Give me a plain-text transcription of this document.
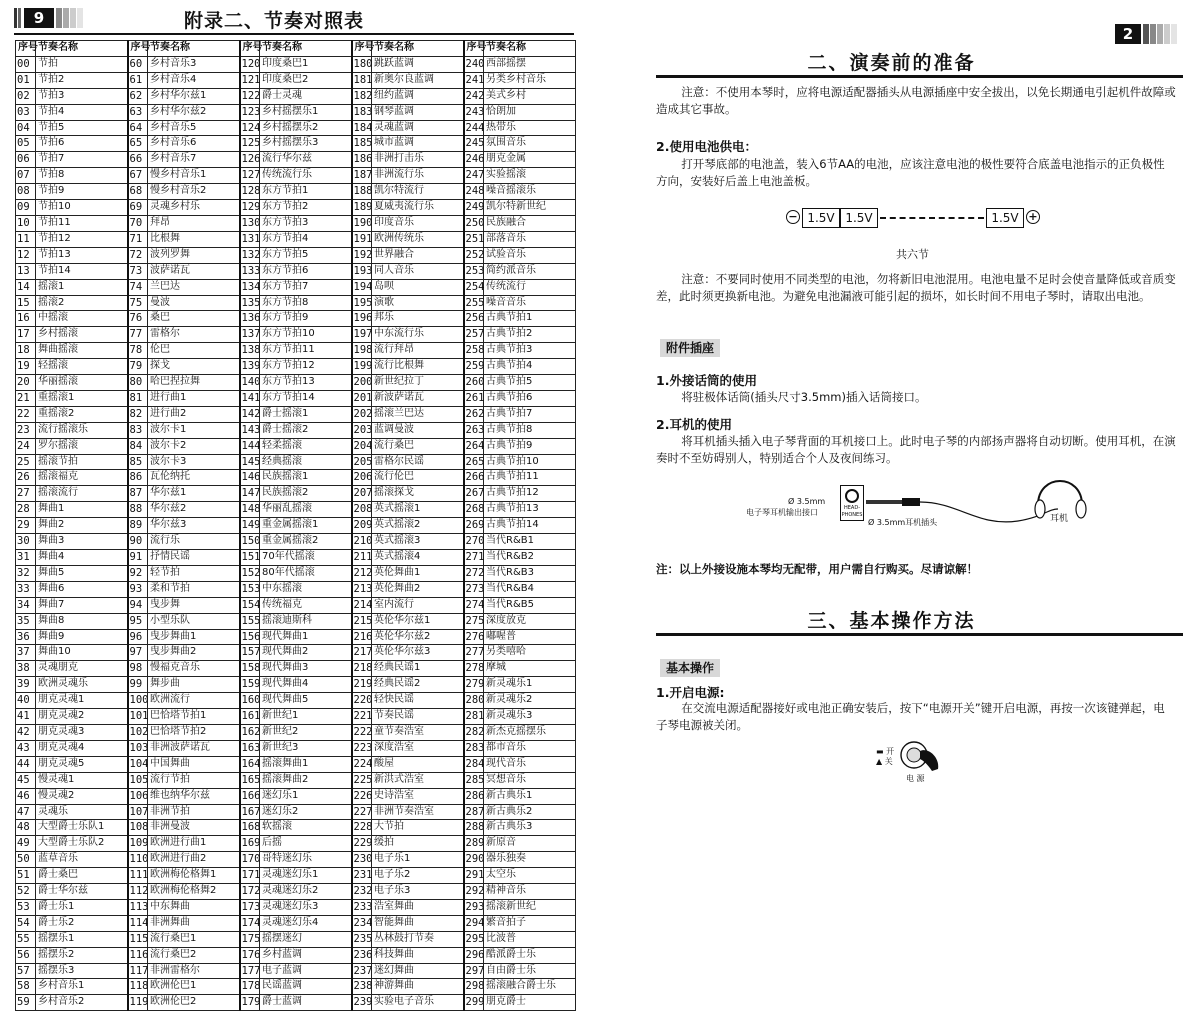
9	附录二、节奏对照表
序号	节奏名称	序号	节奏名称	序号	节奏名称	序号	节奏名称	序号	节奏名称
00	节拍	60	乡村音乐3	120	印度桑巴1	180	跳跃蓝调	240	西部摇摆
01	节拍2	61	乡村音乐4	121	印度桑巴2	181	新奥尔良蓝调	241	另类乡村音乐
02	节拍3	62	乡村华尔兹1	122	爵士灵魂	182	纽约蓝调	242	美式乡村
03	节拍4	63	乡村华尔兹2	123	乡村摇摆乐1	183	钢琴蓝调	243	恰朗加
04	节拍5	64	乡村音乐5	124	乡村摇摆乐2	184	灵魂蓝调	244	热带乐
05	节拍6	65	乡村音乐6	125	乡村摇摆乐3	185	城市蓝调	245	氛围音乐
06	节拍7	66	乡村音乐7	126	流行华尔兹	186	非洲打击乐	246	朋克金属
07	节拍8	67	慢乡村音乐1	127	传统流行乐	187	非洲流行乐	247	实验摇滚
08	节拍9	68	慢乡村音乐2	128	东方节拍1	188	凯尔特流行	248	噪音摇滚乐
09	节拍10	69	灵魂乡村乐	129	东方节拍2	189	夏威夷流行乐	249	凯尔特新世纪
10	节拍11	70	拜昂	130	东方节拍3	190	印度音乐	250	民族融合
11	节拍12	71	比根舞	131	东方节拍4	191	欧洲传统乐	251	部落音乐
12	节拍13	72	波列罗舞	132	东方节拍5	192	世界融合	252	试验音乐
13	节拍14	73	波萨诺瓦	133	东方节拍6	193	同人音乐	253	简约派音乐
14	摇滚1	74	兰巴达	134	东方节拍7	194	岛呗	254	传统流行
15	摇滚2	75	曼波	135	东方节拍8	195	演歌	255	噪音音乐
16	中摇滚	76	桑巴	136	东方节拍9	196	邦乐	256	古典节拍1
17	乡村摇滚	77	雷格尔	137	东方节拍10	197	中东流行乐	257	古典节拍2
18	舞曲摇滚	78	伦巴	138	东方节拍11	198	流行拜昂	258	古典节拍3
19	轻摇滚	79	探戈	139	东方节拍12	199	流行比根舞	259	古典节拍4
20	华丽摇滚	80	哈巴捏拉舞	140	东方节拍13	200	新世纪拉丁	260	古典节拍5
21	重摇滚1	81	进行曲1	141	东方节拍14	201	新波萨诺瓦	261	古典节拍6
22	重摇滚2	82	进行曲2	142	爵士摇滚1	202	摇滚兰巴达	262	古典节拍7
23	流行摇滚乐	83	波尔卡1	143	爵士摇滚2	203	蓝调曼波	263	古典节拍8
24	罗尔摇滚	84	波尔卡2	144	轻柔摇滚	204	流行桑巴	264	古典节拍9
25	摇滚节拍	85	波尔卡3	145	经典摇滚	205	雷格尔民谣	265	古典节拍10
26	摇滚福克	86	瓦伦纳托	146	民族摇滚1	206	流行伦巴	266	古典节拍11
27	摇滚流行	87	华尔兹1	147	民族摇滚2	207	摇滚探戈	267	古典节拍12
28	舞曲1	88	华尔兹2	148	华丽乱摇滚	208	英式摇滚1	268	古典节拍13
29	舞曲2	89	华尔兹3	149	重金属摇滚1	209	英式摇滚2	269	古典节拍14
30	舞曲3	90	流行乐	150	重金属摇滚2	210	英式摇滚3	270	当代R&B1
31	舞曲4	91	抒情民谣	151	70年代摇滚	211	英式摇滚4	271	当代R&B2
32	舞曲5	92	轻节拍	152	80年代摇滚	212	英伦舞曲1	272	当代R&B3
33	舞曲6	93	柔和节拍	153	中东摇滚	213	英伦舞曲2	273	当代R&B4
34	舞曲7	94	曳步舞	154	传统福克	214	室内流行	274	当代R&B5
35	舞曲8	95	小型乐队	155	摇滚迪斯科	215	英伦华尔兹1	275	深度放克
36	舞曲9	96	曳步舞曲1	156	现代舞曲1	216	英伦华尔兹2	276	嘟喔普
37	舞曲10	97	曳步舞曲2	157	现代舞曲2	217	英伦华尔兹3	277	另类嘻哈
38	灵魂朋克	98	慢福克音乐	158	现代舞曲3	218	经典民谣1	278	摩城
39	欧洲灵魂乐	99	舞步曲	159	现代舞曲4	219	经典民谣2	279	新灵魂乐1
40	朋克灵魂1	100	欧洲流行	160	现代舞曲5	220	轻快民谣	280	新灵魂乐2
41	朋克灵魂2	101	巴恰塔节拍1	161	新世纪1	221	节奏民谣	281	新灵魂乐3
42	朋克灵魂3	102	巴恰塔节拍2	162	新世纪2	222	童节奏浩室	282	新杰克摇摆乐
43	朋克灵魂4	103	非洲波萨诺瓦	163	新世纪3	223	深度浩室	283	都市音乐
44	朋克灵魂5	104	中国舞曲	164	摇滚舞曲1	224	酸屋	284	现代音乐
45	慢灵魂1	105	流行节拍	165	摇滚舞曲2	225	新洪式浩室	285	冥想音乐
46	慢灵魂2	106	维也纳华尔兹	166	迷幻乐1	226	史诗浩室	286	新古典乐1
47	灵魂乐	107	非洲节拍	167	迷幻乐2	227	非洲节奏浩室	287	新古典乐2
48	大型爵士乐队1	108	非洲曼波	168	软摇滚	228	大节拍	288	新古典乐3
49	大型爵士乐队2	109	欧洲进行曲1	169	后摇	229	缓拍	289	新原音
50	蓝草音乐	110	欧洲进行曲2	170	哥特迷幻乐	230	电子乐1	290	器乐独奏
51	爵士桑巴	111	欧洲梅伦格舞1	171	灵魂迷幻乐1	231	电子乐2	291	太空乐
52	爵士华尔兹	112	欧洲梅伦格舞2	172	灵魂迷幻乐2	232	电子乐3	292	精神音乐
53	爵士乐1	113	中东舞曲	173	灵魂迷幻乐3	233	浩室舞曲	293	摇滚新世纪
54	爵士乐2	114	非洲舞曲	174	灵魂迷幻乐4	234	智能舞曲	294	繁音拍子
55	摇摆乐1	115	流行桑巴1	175	摇摆迷幻	235	丛林鼓打节奏	295	比波普
56	摇摆乐2	116	流行桑巴2	176	乡村蓝调	236	科技舞曲	296	酷派爵士乐
57	摇摆乐3	117	非洲雷格尔	177	电子蓝调	237	迷幻舞曲	297	自由爵士乐
58	乡村音乐1	118	欧洲伦巴1	178	民谣蓝调	238	神游舞曲	298	摇滚融合爵士乐
59	乡村音乐2	119	欧洲伦巴2	179	爵士蓝调	239	实验电子音乐	299	朋克爵士
2
二、演奏前的准备
注意：不使用本琴时，应将电源适配器插头从电源插座中安全拔出，以免长期通电引起机件故障或造成其它事故。
2.使用电池供电：
打开琴底部的电池盖，装入6节AA的电池，应该注意电池的极性要符合底盖电池指示的正负极性方向，安装好后盖上电池盖板。
− 1.5V 1.5V	1.5V +
共六节
注意：不要同时使用不同类型的电池，勿将新旧电池混用。电池电量不足时会使音量降低或音质变差，此时须更换新电池。为避免电池漏液可能引起的损坏，如长时间不用电子琴时，请取出电池。
附件插座
1.外接话筒的使用
将驻极体话筒(插头尺寸3.5mm)插入话筒接口。
2.耳机的使用
将耳机插头插入电子琴背面的耳机接口上。此时电子琴的内部扬声器将自动切断。使用耳机，在演奏时不至妨碍别人，特别适合个人及夜间练习。
Ø 3.5mm
电子琴耳机输出接口	HEAD-PHONES
Ø 3.5mm耳机插头	耳机
注：以上外接设施本琴均无配带，用户需自行购买。尽请谅解！
三、基本操作方法
基本操作
1.开启电源:
在交流电源适配器接好或电池正确安装后，按下“电源开关”键开启电源，再按一次该键弹起，电子琴电源被关闭。
▬ 开
▲ 关
电 源
